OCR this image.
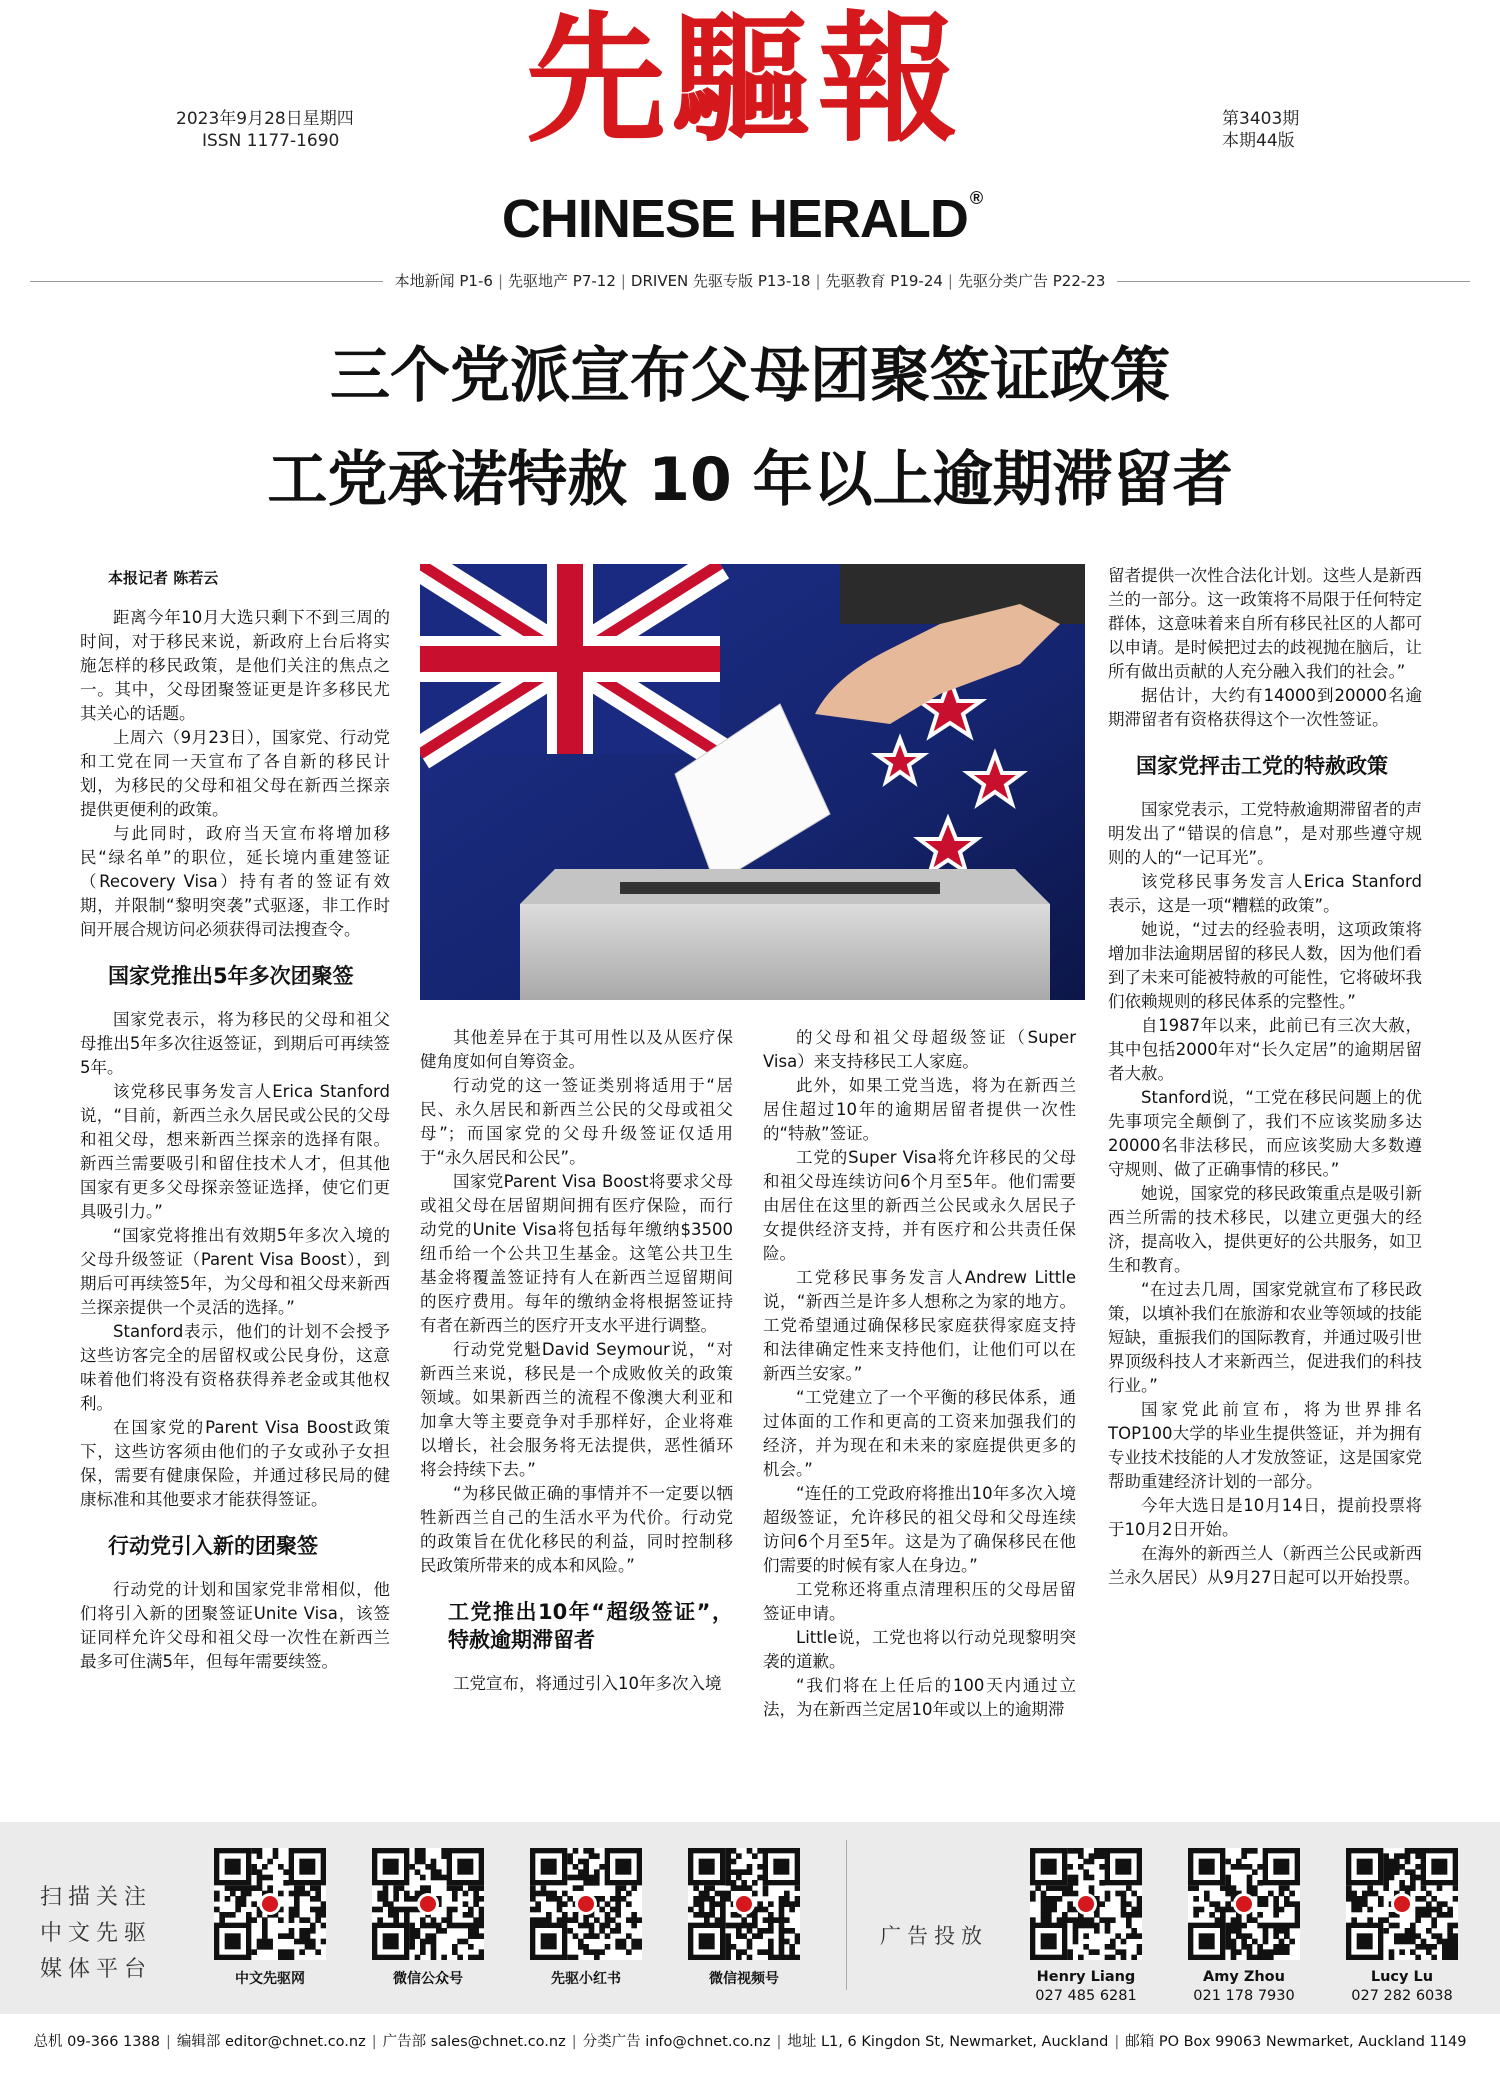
2023年9月28日星期四
ISSN 1177-1690
第3403期
本期44版
先驅報
CHINESE HERALD ®
本地新闻 P1-6 | 先驱地产 P7-12 | DRIVEN 先驱专版 P13-18 | 先驱教育 P19-24 | 先驱分类广告 P22-23
三个党派宣布父母团聚签证政策
工党承诺特赦 10 年以上逾期滞留者
本报记者 陈若云

距离今年10月大选只剩下不到三周的时间，对于移民来说，新政府上台后将实施怎样的移民政策，是他们关注的焦点之一。其中，父母团聚签证更是许多移民尤其关心的话题。

上周六（9月23日），国家党、行动党和工党在同一天宣布了各自新的移民计划，为移民的父母和祖父母在新西兰探亲提供更便利的政策。

与此同时，政府当天宣布将增加移民“绿名单”的职位，延长境内重建签证（Recovery Visa）持有者的签证有效期，并限制“黎明突袭”式驱逐，非工作时间开展合规访问必须获得司法搜查令。

国家党推出5年多次团聚签

国家党表示，将为移民的父母和祖父母推出5年多次往返签证，到期后可再续签5年。

该党移民事务发言人Erica Stanford说，“目前，新西兰永久居民或公民的父母和祖父母，想来新西兰探亲的选择有限。新西兰需要吸引和留住技术人才，但其他国家有更多父母探亲签证选择，使它们更具吸引力。”

“国家党将推出有效期5年多次入境的父母升级签证（Parent Visa Boost），到期后可再续签5年，为父母和祖父母来新西兰探亲提供一个灵活的选择。”

Stanford表示，他们的计划不会授予这些访客完全的居留权或公民身份，这意味着他们将没有资格获得养老金或其他权利。

在国家党的Parent Visa Boost政策下，这些访客须由他们的子女或孙子女担保，需要有健康保险，并通过移民局的健康标准和其他要求才能获得签证。

行动党引入新的团聚签

行动党的计划和国家党非常相似，他们将引入新的团聚签证Unite Visa，该签证同样允许父母和祖父母一次性在新西兰最多可住满5年，但每年需要续签。

其他差异在于其可用性以及从医疗保健角度如何自筹资金。

行动党的这一签证类别将适用于“居民、永久居民和新西兰公民的父母或祖父母”；而国家党的父母升级签证仅适用于“永久居民和公民”。

国家党Parent Visa Boost将要求父母或祖父母在居留期间拥有医疗保险，而行动党的Unite Visa将包括每年缴纳$3500纽币给一个公共卫生基金。这笔公共卫生基金将覆盖签证持有人在新西兰逗留期间的医疗费用。每年的缴纳金将根据签证持有者在新西兰的医疗开支水平进行调整。

行动党党魁David Seymour说，“对新西兰来说，移民是一个成败攸关的政策领域。如果新西兰的流程不像澳大利亚和加拿大等主要竞争对手那样好，企业将难以增长，社会服务将无法提供，恶性循环将会持续下去。”

“为移民做正确的事情并不一定要以牺牲新西兰自己的生活水平为代价。行动党的政策旨在优化移民的利益，同时控制移民政策所带来的成本和风险。”

工党推出10年“超级签证”，特赦逾期滞留者

工党宣布，将通过引入10年多次入境

的父母和祖父母超级签证（Super Visa）来支持移民工人家庭。

此外，如果工党当选，将为在新西兰居住超过10年的逾期居留者提供一次性的“特赦”签证。

工党的Super Visa将允许移民的父母和祖父母连续访问6个月至5年。他们需要由居住在这里的新西兰公民或永久居民子女提供经济支持，并有医疗和公共责任保险。

工党移民事务发言人Andrew Little说，“新西兰是许多人想称之为家的地方。工党希望通过确保移民家庭获得家庭支持和法律确定性来支持他们，让他们可以在新西兰安家。”

“工党建立了一个平衡的移民体系，通过体面的工作和更高的工资来加强我们的经济，并为现在和未来的家庭提供更多的机会。”

“连任的工党政府将推出10年多次入境超级签证，允许移民的祖父母和父母连续访问6个月至5年。这是为了确保移民在他们需要的时候有家人在身边。”

工党称还将重点清理积压的父母居留签证申请。

Little说，工党也将以行动兑现黎明突袭的道歉。

“我们将在上任后的100天内通过立法，为在新西兰定居10年或以上的逾期滞

留者提供一次性合法化计划。这些人是新西兰的一部分。这一政策将不局限于任何特定群体，这意味着来自所有移民社区的人都可以申请。是时候把过去的歧视抛在脑后，让所有做出贡献的人充分融入我们的社会。”

据估计，大约有14000到20000名逾期滞留者有资格获得这个一次性签证。

国家党抨击工党的特赦政策

国家党表示，工党特赦逾期滞留者的声明发出了“错误的信息”，是对那些遵守规则的人的“一记耳光”。

该党移民事务发言人Erica Stanford表示，这是一项“糟糕的政策”。

她说，“过去的经验表明，这项政策将增加非法逾期居留的移民人数，因为他们看到了未来可能被特赦的可能性，它将破坏我们依赖规则的移民体系的完整性。”

自1987年以来，此前已有三次大赦，其中包括2000年对“长久定居”的逾期居留者大赦。

Stanford说，“工党在移民问题上的优先事项完全颠倒了，我们不应该奖励多达20000名非法移民，而应该奖励大多数遵守规则、做了正确事情的移民。”

她说，国家党的移民政策重点是吸引新西兰所需的技术移民，以建立更强大的经济，提高收入，提供更好的公共服务，如卫生和教育。

“在过去几周，国家党就宣布了移民政策，以填补我们在旅游和农业等领域的技能短缺，重振我们的国际教育，并通过吸引世界顶级科技人才来新西兰，促进我们的科技行业。”

国家党此前宣布，将为世界排名TOP100大学的毕业生提供签证，并为拥有专业技术技能的人才发放签证，这是国家党帮助重建经济计划的一部分。

今年大选日是10月14日，提前投票将于10月2日开始。

在海外的新西兰人（新西兰公民或新西兰永久居民）从9月27日起可以开始投票。

扫描关注中文先驱媒体平台
广告投放
中文先驱网	微信公众号	先驱小红书	微信视频号	Henry Liang
027 485 6281
Amy Zhou
021 178 7930
Lucy Lu
027 282 6038
总机 09-366 1388 | 编辑部 editor@chnet.co.nz | 广告部 sales@chnet.co.nz | 分类广告 info@chnet.co.nz | 地址 L1, 6 Kingdon St, Newmarket, Auckland | 邮箱 PO Box 99063 Newmarket, Auckland 1149
